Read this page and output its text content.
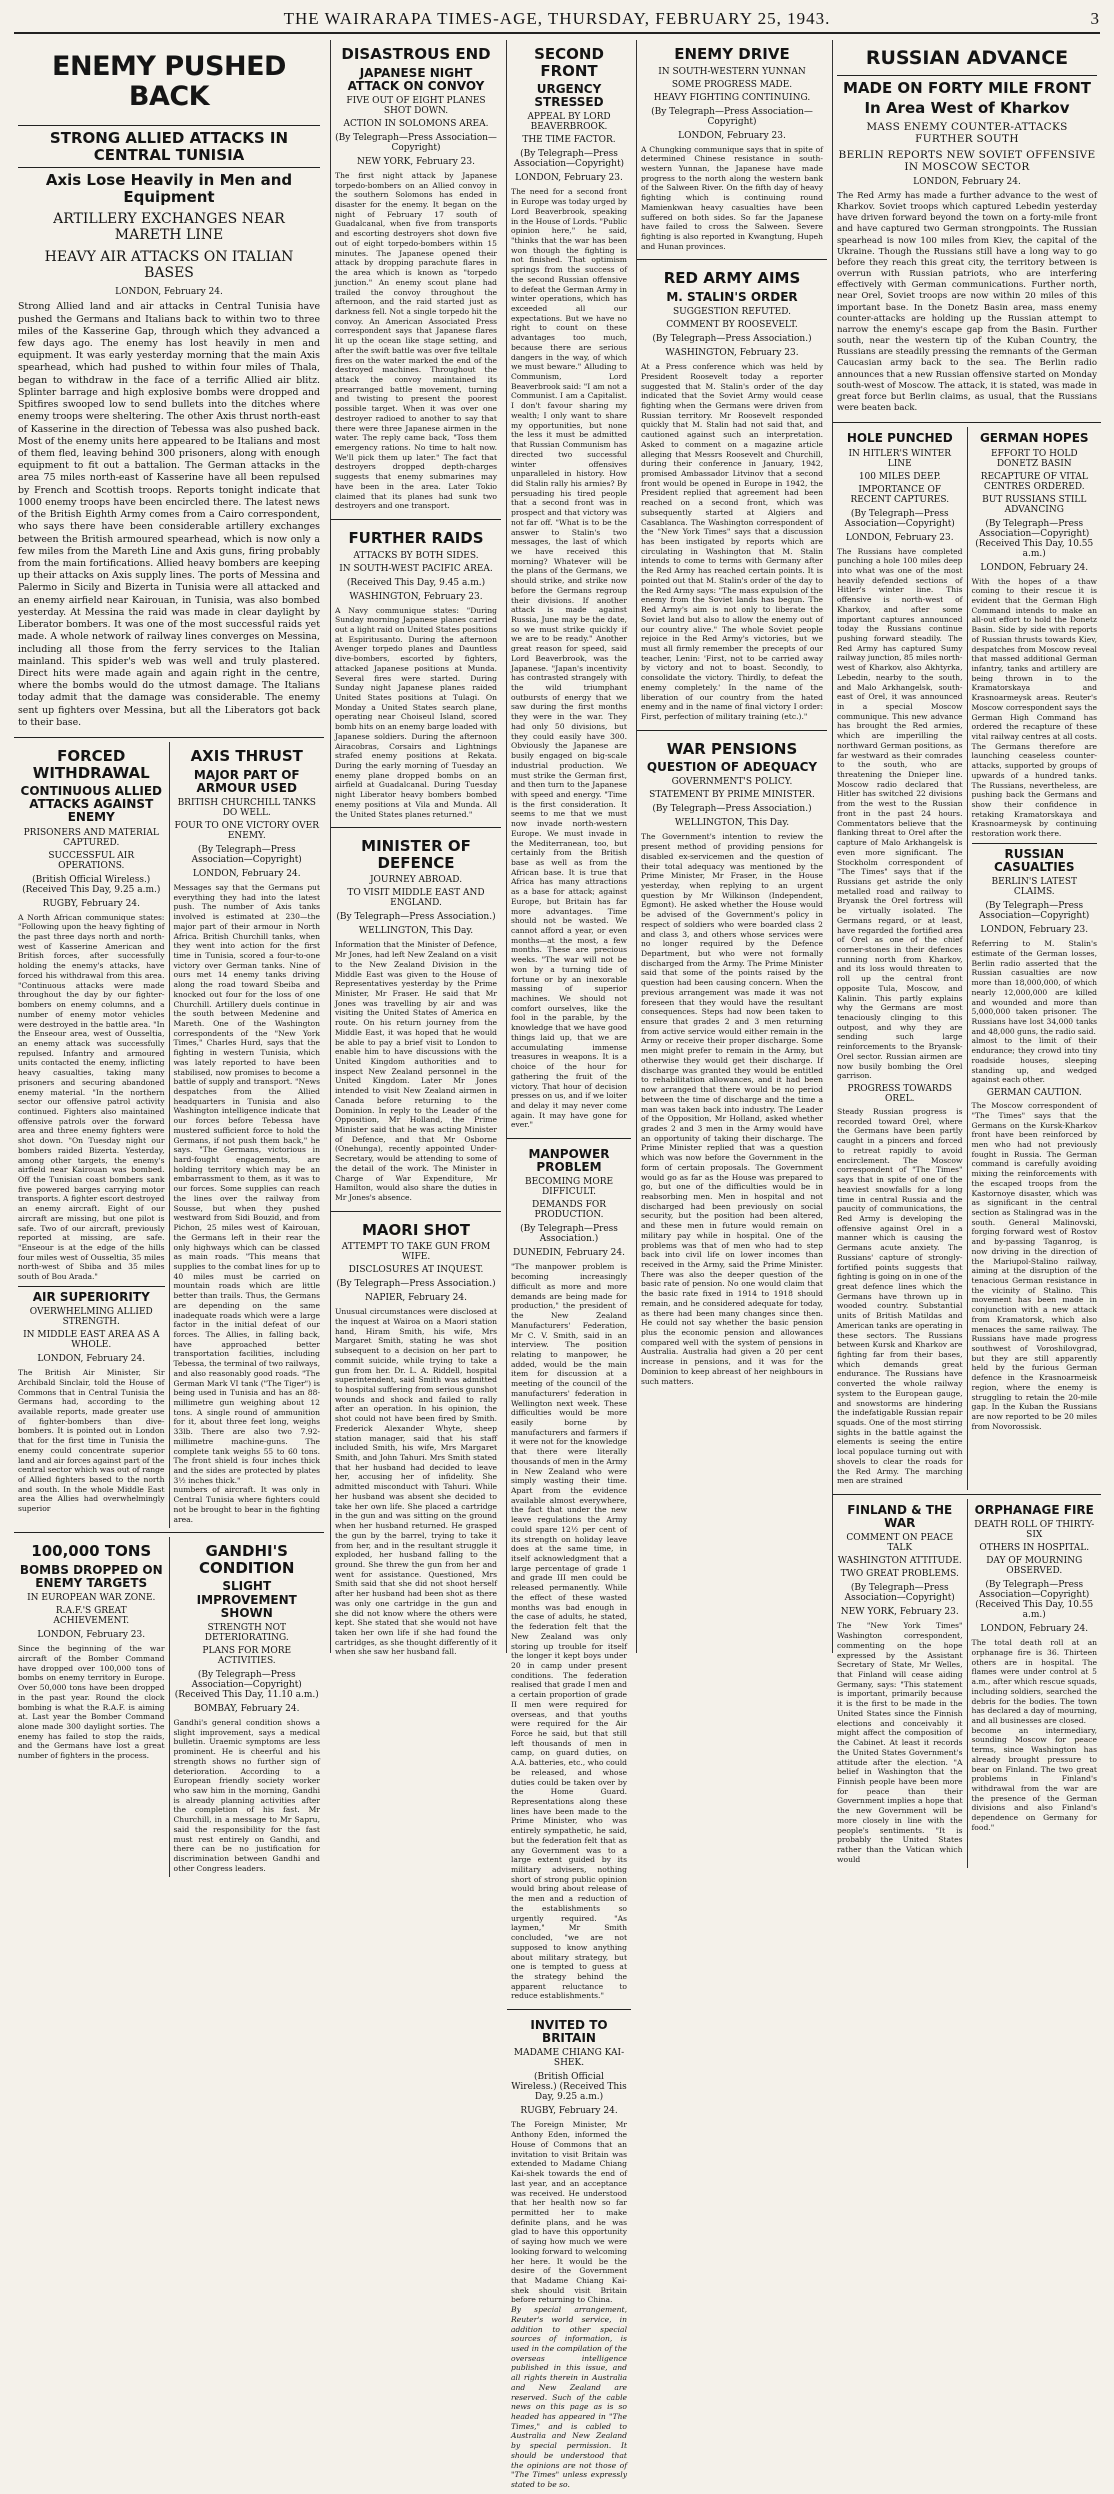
THE WAIRARAPA TIMES-AGE, THURSDAY, FEBRUARY 25, 1943.	3
ENEMY PUSHED BACK
STRONG ALLIED ATTACKS IN CENTRAL TUNISIA
Axis Lose Heavily in Men and Equipment
ARTILLERY EXCHANGES NEAR MARETH LINE
HEAVY AIR ATTACKS ON ITALIAN BASES
LONDON, February 24.

Strong Allied land and air attacks in Central Tunisia have pushed the Germans and Italians back to within two to three miles of the Kasserine Gap, through which they advanced a few days ago. The enemy has lost heavily in men and equipment. It was early yesterday morning that the main Axis spearhead, which had pushed to within four miles of Thala, began to withdraw in the face of a terrific Allied air blitz. Splinter barrage and high explosive bombs were dropped and Spitfires swooped low to send bullets into the ditches where enemy troops were sheltering. The other Axis thrust north-east of Kasserine in the direction of Tebessa was also pushed back. Most of the enemy units here appeared to be Italians and most of them fled, leaving behind 300 prisoners, along with enough equipment to fit out a battalion. The German attacks in the area 75 miles north-east of Kasserine have all been repulsed by French and Scottish troops. Reports tonight indicate that 1000 enemy troops have been encircled there. The latest news of the British Eighth Army comes from a Cairo correspondent, who says there have been considerable artillery exchanges between the British armoured spearhead, which is now only a few miles from the Mareth Line and Axis guns, firing probably from the main fortifications. Allied heavy bombers are keeping up their attacks on Axis supply lines. The ports of Messina and Palermo in Sicily and Bizerta in Tunisia were all attacked and an enemy airfield near Kairouan, in Tunisia, was also bombed yesterday. At Messina the raid was made in clear daylight by Liberator bombers. It was one of the most successful raids yet made. A whole network of railway lines converges on Messina, including all those from the ferry services to the Italian mainland. This spider's web was well and truly plastered. Direct hits were made again and again right in the centre, where the bombs would do the utmost damage. The Italians today admit that the damage was considerable. The enemy sent up fighters over Messina, but all the Liberators got back to their base.

FORCED WITHDRAWAL
CONTINUOUS ALLIED ATTACKS AGAINST ENEMY
PRISONERS AND MATERIAL CAPTURED.
SUCCESSFUL AIR OPERATIONS.
(British Official Wireless.) (Received This Day, 9.25 a.m.)
RUGBY, February 24.

A North African communique states: "Following upon the heavy fighting of the past three days north and north-west of Kasserine American and British forces, after successfully holding the enemy's attacks, have forced his withdrawal from this area. "Continuous attacks were made throughout the day by our fighter-bombers on enemy columns, and a number of enemy motor vehicles were destroyed in the battle area. "In the Enseour area, west of Ousseltia, an enemy attack was successfully repulsed. Infantry and armoured units contacted the enemy, inflicting heavy casualties, taking many prisoners and securing abandoned enemy material. "In the northern sector our offensive patrol activity continued. Fighters also maintained offensive patrols over the forward area and three enemy fighters were shot down. "On Tuesday night our bombers raided Bizerta. Yesterday, among other targets, the enemy's airfield near Kairouan was bombed. Off the Tunisian coast bombers sank five powered barges carrying motor transports. A fighter escort destroyed an enemy aircraft. Eight of our aircraft are missing, but one pilot is safe. Two of our aircraft, previously reported at missing, are safe. "Enseour is at the edge of the hills four miles west of Ousseltia, 35 miles north-west of Sbiba and 35 miles south of Bou Arada."

AIR SUPERIORITY
OVERWHELMING ALLIED STRENGTH.
IN MIDDLE EAST AREA AS A WHOLE.
LONDON, February 24.

The British Air Minister, Sir Archibald Sinclair, told the House of Commons that in Central Tunisia the Germans had, according to the available reports, made greater use of fighter-bombers than dive-bombers. It is pointed out in London that for the first time in Tunisia the enemy could concentrate superior land and air forces against part of the central sector which was out of range of Allied fighters based to the north and south. In the whole Middle East area the Allies had overwhelmingly superior

AXIS THRUST
MAJOR PART OF ARMOUR USED
BRITISH CHURCHILL TANKS DO WELL.
FOUR TO ONE VICTORY OVER ENEMY.
(By Telegraph—Press Association—Copyright)
LONDON, February 24.

Messages say that the Germans put everything they had into the latest push. The number of Axis tanks involved is estimated at 230—the major part of their armour in North Africa. British Churchill tanks, when they went into action for the first time in Tunisia, scored a four-to-one victory over German tanks. Nine of ours met 14 enemy tanks driving along the road toward Sbeiba and knocked out four for the loss of one Churchill. Artillery duels continue in the south between Medenine and Mareth. One of the Washington correspondents of the "New York Times," Charles Hurd, says that the fighting in western Tunisia, which was lately reported to have been stabilised, now promises to become a battle of supply and transport. "News despatches from the Allied headquarters in Tunisia and also Washington intelligence indicate that our forces before Tebessa have mustered sufficient force to hold the Germans, if not push them back," he says. "The Germans, victorious in hard-fought engagements, are holding territory which may be an embarrassment to them, as it was to our forces. Some supplies can reach the lines over the railway from Sousse, but when they pushed westward from Sidi Bouzid, and from Pichon, 25 miles west of Kairouan, the Germans left in their rear the only highways which can be classed as main roads. "This means that supplies to the combat lines for up to 40 miles must be carried on mountain roads which are little better than trails. Thus, the Germans are depending on the same inadequate roads which were a large factor in the initial defeat of our forces. The Allies, in falling back, have approached better transportation facilities, including Tebessa, the terminal of two railways, and also reasonably good roads. "The German Mark VI tank ("The Tiger") is being used in Tunisia and has an 88-millimetre gun weighing about 12 tons. A single round of ammunition for it, about three feet long, weighs 33lb. There are also two 7.92-millimetre machine-guns. The complete tank weighs 55 to 60 tons. The front shield is four inches thick and the sides are protected by plates 3½ inches thick."

numbers of aircraft. It was only in Central Tunisia where fighters could not be brought to bear in the fighting area.

100,000 TONS
BOMBS DROPPED ON ENEMY TARGETS
IN EUROPEAN WAR ZONE.
R.A.F.'S GREAT ACHIEVEMENT.
LONDON, February 23.

Since the beginning of the war aircraft of the Bomber Command have dropped over 100,000 tons of bombs on enemy territory in Europe. Over 50,000 tons have been dropped in the past year. Round the clock bombing is what the R.A.F. is aiming at. Last year the Bomber Command alone made 300 daylight sorties. The enemy has failed to stop the raids, and the Germans have lost a great number of fighters in the process.

GANDHI'S CONDITION
SLIGHT IMPROVEMENT SHOWN
STRENGTH NOT DETERIORATING.
PLANS FOR MORE ACTIVITIES.
(By Telegraph—Press Association—Copyright) (Received This Day, 11.10 a.m.)
BOMBAY, February 24.

Gandhi's general condition shows a slight improvement, says a medical bulletin. Uraemic symptoms are less prominent. He is cheerful and his strength shows no further sign of deterioration. According to a European friendly society worker who saw him in the morning, Gandhi is already planning activities after the completion of his fast. Mr Churchill, in a message to Mr Sapru, said the responsibility for the fast must rest entirely on Gandhi, and there can be no justification for discrimination between Gandhi and other Congress leaders.

DISASTROUS END
JAPANESE NIGHT ATTACK ON CONVOY
FIVE OUT OF EIGHT PLANES SHOT DOWN.
ACTION IN SOLOMONS AREA.
(By Telegraph—Press Association—Copyright)
NEW YORK, February 23.

The first night attack by Japanese torpedo-bombers on an Allied convoy in the southern Solomons has ended in disaster for the enemy. It began on the night of February 17 south of Guadalcanal, when five from transports and escorting destroyers shot down five out of eight torpedo-bombers within 15 minutes. The Japanese opened their attack by dropping parachute flares in the area which is known as "torpedo junction." An enemy scout plane had trailed the convoy throughout the afternoon, and the raid started just as darkness fell. Not a single torpedo hit the convoy. An American Associated Press correspondent says that Japanese flares lit up the ocean like stage setting, and after the swift battle was over five telltale fires on the water marked the end of the destroyed machines. Throughout the attack the convoy maintained its prearranged battle movement, turning and twisting to present the poorest possible target. When it was over one destroyer radioed to another to say that there were three Japanese airmen in the water. The reply came back, "Toss them emergency rations. No time to halt now. We'll pick them up later." The fact that destroyers dropped depth-charges suggests that enemy submarines may have been in the area. Later Tokio claimed that its planes had sunk two destroyers and one transport.

FURTHER RAIDS
ATTACKS BY BOTH SIDES.
IN SOUTH-WEST PACIFIC AREA.
(Received This Day, 9.45 a.m.)
WASHINGTON, February 23.

A Navy communique states: "During Sunday morning Japanese planes carried out a light raid on United States positions at Espiritusanto. During the afternoon Avenger torpedo planes and Dauntless dive-bombers, escorted by fighters, attacked Japanese positions at Munda. Several fires were started. During Sunday night Japanese planes raided United States positions at Tulagi. On Monday a United States search plane, operating near Choiseul Island, scored bomb hits on an enemy barge loaded with Japanese soldiers. During the afternoon Airacobras, Corsairs and Lightnings strafed enemy positions at Rekata. During the early morning of Tuesday an enemy plane dropped bombs on an airfield at Guadalcanal. During Tuesday night Liberator heavy bombers bombed enemy positions at Vila and Munda. All the United States planes returned."

MINISTER OF DEFENCE
JOURNEY ABROAD.
TO VISIT MIDDLE EAST AND ENGLAND.
(By Telegraph—Press Association.)
WELLINGTON, This Day.

Information that the Minister of Defence, Mr Jones, had left New Zealand on a visit to the New Zealand Division in the Middle East was given to the House of Representatives yesterday by the Prime Minister, Mr Fraser. He said that Mr Jones was travelling by air and was visiting the United States of America en route. On his return journey from the Middle East, it was hoped that he would be able to pay a brief visit to London to enable him to have discussions with the United Kingdom authorities and to inspect New Zealand personnel in the United Kingdom. Later Mr Jones intended to visit New Zealand airmen in Canada before returning to the Dominion. In reply to the Leader of the Opposition, Mr Holland, the Prime Minister said that he was acting Minister of Defence, and that Mr Osborne (Onehunga), recently appointed Under-Secretary, would be attending to some of the detail of the work. The Minister in Charge of War Expenditure, Mr Hamilton, would also share the duties in Mr Jones's absence.

MAORI SHOT
ATTEMPT TO TAKE GUN FROM WIFE.
DISCLOSURES AT INQUEST.
(By Telegraph—Press Association.)
NAPIER, February 24.

Unusual circumstances were disclosed at the inquest at Wairoa on a Maori station hand, Hiram Smith, his wife, Mrs Margaret Smith, stating he was shot subsequent to a decision on her part to commit suicide, while trying to take a gun from her. Dr. L. A. Riddell, hospital superintendent, said Smith was admitted to hospital suffering from serious gunshot wounds and shock and failed to rally after an operation. In his opinion, the shot could not have been fired by Smith. Frederick Alexander Whyte, sheep station manager, said that his staff included Smith, his wife, Mrs Margaret Smith, and John Tahuri. Mrs Smith stated that her husband had decided to leave her, accusing her of infidelity. She admitted misconduct with Tahuri. While her husband was absent she decided to take her own life. She placed a cartridge in the gun and was sitting on the ground when her husband returned. He grasped the gun by the barrel, trying to take it from her, and in the resultant struggle it exploded, her husband falling to the ground. She threw the gun from her and went for assistance. Questioned, Mrs Smith said that she did not shoot herself after her husband had been shot as there was only one cartridge in the gun and she did not know where the others were kept. She stated that she would not have taken her own life if she had found the cartridges, as she thought differently of it when she saw her husband fall.

SECOND FRONT
URGENCY STRESSED
APPEAL BY LORD BEAVERBROOK.
THE TIME FACTOR.
(By Telegraph—Press Association—Copyright)
LONDON, February 23.

The need for a second front in Europe was today urged by Lord Beaverbrook, speaking in the House of Lords. "Public opinion here," he said, "thinks that the war has been won though the fighting is not finished. That optimism springs from the success of the second Russian offensive to defeat the German Army in winter operations, which has exceeded all our expectations. But we have no right to count on these advantages too much, because there are serious dangers in the way, of which we must beware." Alluding to Communism, Lord Beaverbrook said: "I am not a Communist. I am a Capitalist. I don't favour sharing my wealth; I only want to share my opportunities, but none the less it must be admitted that Russian Communism has directed two successful winter offensives unparalleled in history. How did Stalin rally his armies? By persuading his tired people that a second front was in prospect and that victory was not far off. "What is to be the answer to Stalin's two messages, the last of which we have received this morning? Whatever will be the plans of the Germans, we should strike, and strike now before the Germans regroup their divisions. If another attack is made against Russia, June may be the date, so we must strike quickly if we are to be ready." Another great reason for speed, said Lord Beaverbrook, was the Japanese. "Japan's incentivity has contrasted strangely with the wild triumphant outbursts of energy that we saw during the first months they were in the war. They had only 50 divisions, but they could easily have 300. Obviously the Japanese are busily engaged on big-scale industrial production. We must strike the German first, and then turn to the Japanese with speed and energy. "Time is the first consideration. It seems to me that we must now invade north-western Europe. We must invade in the Mediterranean, too, but certainly from the British base as well as from the African base. It is true that Africa has many attractions as a base for attack; against Europe, but Britain has far more advantages. Time should not be wasted. We cannot afford a year, or even months—at the most, a few months. These are precious weeks. "The war will not be won by a turning tide of fortune or by an inexorable massing of superior machines. We should not comfort ourselves, like the fool in the parable, by the knowledge that we have good things laid up, that we are accumulating immense treasures in weapons. It is a choice of the hour for gathering the fruit of the victory. That hour of decision presses on us, and if we loiter and delay it may never come again. It may have gone for ever."

MANPOWER PROBLEM
BECOMING MORE DIFFICULT.
DEMANDS FOR PRODUCTION.
(By Telegraph—Press Association.)
DUNEDIN, February 24.

"The manpower problem is becoming increasingly difficult as more and more demands are being made for production," the president of the New Zealand Manufacturers' Federation, Mr C. V. Smith, said in an interview. The position relating to manpower, he added, would be the main item for discussion at a meeting of the council of the manufacturers' federation in Wellington next week. These difficulties would be more easily borne by manufacturers and farmers if it were not for the knowledge that there were literally thousands of men in the Army in New Zealand who were simply wasting their time. Apart from the evidence available almost everywhere, the fact that under the new leave regulations the Army could spare 12½ per cent of its strength on holiday leave does at the same time, in itself acknowledgment that a large percentage of grade 1 and grade III men could be released permanently. While the effect of these wasted months was bad enough in the case of adults, he stated, the federation felt that the New Zealand was only storing up trouble for itself the longer it kept boys under 20 in camp under present conditions. The federation realised that grade I men and a certain proportion of grade II men were required for overseas, and that youths were required for the Air Force he said, but that still left thousands of men in camp, on guard duties, on A.A. batteries, etc., who could be released, and whose duties could be taken over by the Home Guard. Representations along these lines have been made to the Prime Minister, who was entirely sympathetic, he said, but the federation felt that as any Government was to a large extent guided by its military advisers, nothing short of strong public opinion would bring about release of the men and a reduction of the establishments so urgently required. "As laymen," Mr Smith concluded, "we are not supposed to know anything about military strategy, but one is tempted to guess at the strategy behind the apparent reluctance to reduce establishments."

INVITED TO BRITAIN
MADAME CHIANG KAI-SHEK.
(British Official Wireless.) (Received This Day, 9.25 a.m.)
RUGBY, February 24.

The Foreign Minister, Mr Anthony Eden, informed the House of Commons that an invitation to visit Britain was extended to Madame Chiang Kai-shek towards the end of last year, and an acceptance was received. He understood that her health now so far permitted her to make definite plans, and he was glad to have this opportunity of saying how much we were looking forward to welcoming her here. It would be the desire of the Government that Madame Chiang Kai-shek should visit Britain before returning to China.

By special arrangement, Reuter's world service, in addition to other special sources of information, is used in the compilation of the overseas intelligence published in this issue, and all rights therein in Australia and New Zealand are reserved. Such of the cable news on this page as is so headed has appeared in "The Times," and is cabled to Australia and New Zealand by special permission. It should be understood that the opinions are not those of "The Times" unless expressly stated to be so.

ENEMY DRIVE
IN SOUTH-WESTERN YUNNAN
SOME PROGRESS MADE.
HEAVY FIGHTING CONTINUING.
(By Telegraph—Press Association—Copyright)
LONDON, February 23.

A Chungking communique says that in spite of determined Chinese resistance in south-western Yunnan, the Japanese have made progress to the north along the western bank of the Salween River. On the fifth day of heavy fighting which is continuing round Mamienkwan heavy casualties have been suffered on both sides. So far the Japanese have failed to cross the Salween. Severe fighting is also reported in Kwangtung, Hupeh and Hunan provinces.

RED ARMY AIMS
M. STALIN'S ORDER
SUGGESTION REFUTED.
COMMENT BY ROOSEVELT.
(By Telegraph—Press Association.)
WASHINGTON, February 23.

At a Press conference which was held by President Roosevelt today a reporter suggested that M. Stalin's order of the day indicated that the Soviet Army would cease fighting when the Germans were driven from Russian territory. Mr Roosevelt responded quickly that M. Stalin had not said that, and cautioned against such an interpretation. Asked to comment on a magazine article alleging that Messrs Roosevelt and Churchill, during their conference in January, 1942, promised Ambassador Litvinov that a second front would be opened in Europe in 1942, the President replied that agreement had been reached on a second front, which was subsequently started at Algiers and Casablanca. The Washington correspondent of the "New York Times" says that a discussion has been instigated by reports which are circulating in Washington that M. Stalin intends to come to terms with Germany after the Red Army has reached certain points. It is pointed out that M. Stalin's order of the day to the Red Army says: "The mass expulsion of the enemy from the Soviet lands has begun. The Red Army's aim is not only to liberate the Soviet land but also to allow the enemy out of our country alive." The whole Soviet people rejoice in the Red Army's victories, but we must all firmly remember the precepts of our teacher, Lenin: 'First, not to be carried away by victory and not to boast. Secondly, to consolidate the victory. Thirdly, to defeat the enemy completely.' In the name of the liberation of our country from the hated enemy and in the name of final victory I order: First, perfection of military training (etc.)."

WAR PENSIONS
QUESTION OF ADEQUACY
GOVERNMENT'S POLICY.
STATEMENT BY PRIME MINISTER.
(By Telegraph—Press Association.)
WELLINGTON, This Day.

The Government's intention to review the present method of providing pensions for disabled ex-servicemen and the question of their total adequacy was mentioned by the Prime Minister, Mr Fraser, in the House yesterday, when replying to an urgent question by Mr Wilkinson (Independent, Egmont). He asked whether the House would be advised of the Government's policy in respect of soldiers who were boarded class 2 and class 3, and others whose services were no longer required by the Defence Department, but who were not formally discharged from the Army. The Prime Minister said that some of the points raised by the question had been causing concern. When the previous arrangement was made it was not foreseen that they would have the resultant consequences. Steps had now been taken to ensure that grades 2 and 3 men returning from active service would either remain in the Army or receive their proper discharge. Some men might prefer to remain in the Army, but otherwise they would get their discharge. If discharge was granted they would be entitled to rehabilitation allowances, and it had been now arranged that there would be no period between the time of discharge and the time a man was taken back into industry. The Leader of the Opposition, Mr Holland, asked whether grades 2 and 3 men in the Army would have an opportunity of taking their discharge. The Prime Minister replied that was a question which was now before the Government in the form of certain proposals. The Government would go as far as the House was prepared to go, but one of the difficulties would be in reabsorbing men. Men in hospital and not discharged had been previously on social security, but the position had been altered, and these men in future would remain on military pay while in hospital. One of the problems was that of men who had to step back into civil life on lower incomes than received in the Army, said the Prime Minister. There was also the deeper question of the basic rate of pension. No one would claim that the basic rate fixed in 1914 to 1918 should remain, and he considered adequate for today, as there had been many changes since then. He could not say whether the basic pension plus the economic pension and allowances compared well with the system of pensions in Australia. Australia had given a 20 per cent increase in pensions, and it was for the Dominion to keep abreast of her neighbours in such matters.

RUSSIAN ADVANCE
MADE ON FORTY MILE FRONT
In Area West of Kharkov
MASS ENEMY COUNTER-ATTACKS FURTHER SOUTH
BERLIN REPORTS NEW SOVIET OFFENSIVE IN MOSCOW SECTOR
LONDON, February 24.

The Red Army has made a further advance to the west of Kharkov. Soviet troops which captured Lebedin yesterday have driven forward beyond the town on a forty-mile front and have captured two German strongpoints. The Russian spearhead is now 100 miles from Kiev, the capital of the Ukraine. Though the Russians still have a long way to go before they reach this great city, the territory between is overrun with Russian patriots, who are interfering effectively with German communications. Further north, near Orel, Soviet troops are now within 20 miles of this important base. In the Donetz Basin area, mass enemy counter-attacks are holding up the Russian attempt to narrow the enemy's escape gap from the Basin. Further south, near the western tip of the Kuban Country, the Russians are steadily pressing the remnants of the German Caucasian army back to the sea. The Berlin radio announces that a new Russian offensive started on Monday south-west of Moscow. The attack, it is stated, was made in great force but Berlin claims, as usual, that the Russians were beaten back.

HOLE PUNCHED
IN HITLER'S WINTER LINE
100 MILES DEEP.
IMPORTANCE OF RECENT CAPTURES.
(By Telegraph—Press Association—Copyright)
LONDON, February 23.

The Russians have completed punching a hole 100 miles deep into what was one of the most heavily defended sections of Hitler's winter line. This offensive is north-west of Kharkov, and after some important captures announced today the Russians continue pushing forward steadily. The Red Army has captured Sumy railway junction, 85 miles north-west of Kharkov, also Akhtyrka, Lebedin, nearby to the south, and Malo Arkhangelsk, south-east of Orel, it was announced in a special Moscow communique. This new advance has brought the Red armies, which are imperilling the northward German positions, as far westward as their comrades to the south, who are threatening the Dnieper line. Moscow radio declared that Hitler has switched 22 divisions from the west to the Russian front in the past 24 hours. Commentators believe that the flanking threat to Orel after the capture of Malo Arkhangelsk is even more significant. The Stockholm correspondent of "The Times" says that if the Russians get astride the only metalled road and railway to Bryansk the Orel fortress will be virtually isolated. The Germans regard, or at least, have regarded the fortified area of Orel as one of the chief corner-stones in their defences running north from Kharkov, and its loss would threaten to roll up the central front opposite Tula, Moscow, and Kalinin. This partly explains why the Germans are most tenaciously clinging to this outpost, and why they are sending such large reinforcements to the Bryansk-Orel sector. Russian airmen are now busily bombing the Orel garrison.

PROGRESS TOWARDS OREL.

Steady Russian progress is recorded toward Orel, where the Germans have been partly caught in a pincers and forced to retreat rapidly to avoid encirclement. The Moscow correspondent of "The Times" says that in spite of one of the heaviest snowfalls for a long time in central Russia and the paucity of communications, the Red Army is developing the offensive against Orel in a manner which is causing the Germans acute anxiety. The Russians' capture of strongly-fortified points suggests that fighting is going on in one of the great defence lines which the Germans have thrown up in wooded country. Substantial units of British Matildas and American tanks are operating in these sectors. The Russians between Kursk and Kharkov are fighting far from their bases, which demands great endurance. The Russians have converted the whole railway system to the European gauge, and snowstorms are hindering the indefatigable Russian repair squads. One of the most stirring sights in the battle against the elements is seeing the entire local populace turning out with shovels to clear the roads for the Red Army. The marching men are strained

GERMAN HOPES
EFFORT TO HOLD DONETZ BASIN
RECAPTURE OF VITAL CENTRES ORDERED.
BUT RUSSIANS STILL ADVANCING
(By Telegraph—Press Association—Copyright) (Received This Day, 10.55 a.m.)
LONDON, February 24.

With the hopes of a thaw coming to their rescue it is evident that the German High Command intends to make an all-out effort to hold the Donetz Basin. Side by side with reports of Russian thrusts towards Kiev, despatches from Moscow reveal that massed additional German infantry, tanks and artillery are being thrown in to the Kramatorskaya and Krasnoarmeysk areas. Reuter's Moscow correspondent says the German High Command has ordered the recapture of these vital railway centres at all costs. The Germans therefore are launching ceaseless counter-attacks, supported by groups of upwards of a hundred tanks. The Russians, nevertheless, are pushing back the Germans and show their confidence in retaking Kramatorskaya and Krasnoarmeysk by continuing restoration work there.

RUSSIAN CASUALTIES
BERLIN'S LATEST CLAIMS.
(By Telegraph—Press Association—Copyright)
LONDON, February 23.

Referring to M. Stalin's estimate of the German losses, Berlin radio asserted that the Russian casualties are now more than 18,000,000, of which nearly 12,000,000 are killed and wounded and more than 5,000,000 taken prisoner. The Russians have lost 34,000 tanks and 48,000 guns, the radio said.

almost to the limit of their endurance; they crowd into tiny roadside houses, sleeping standing up, and wedged against each other.

GERMAN CAUTION.

The Moscow correspondent of "The Times" says that the Germans on the Kursk-Kharkov front have been reinforced by men who had not previously fought in Russia. The German command is carefully avoiding mixing the reinforcements with the escaped troops from the Kastornoye disaster, which was as significant in the central section as Stalingrad was in the south. General Malinovski, forging forward west of Rostov and by-passing Taganrog, is now driving in the direction of the Mariupol-Stalino railway, aiming at the disruption of the tenacious German resistance in the vicinity of Stalino. This movement has been made in conjunction with a new attack from Kramatorsk, which also menaces the same railway. The Russians have made progress southwest of Voroshilovgrad, but they are still apparently held by the furious German defence in the Krasnoarmeisk region, where the enemy is struggling to retain the 20-mile gap. In the Kuban the Russians are now reported to be 20 miles from Novorossisk.

FINLAND & THE WAR
COMMENT ON PEACE TALK
WASHINGTON ATTITUDE.
TWO GREAT PROBLEMS.
(By Telegraph—Press Association—Copyright)
NEW YORK, February 23.

The "New York Times" Washington correspondent, commenting on the hope expressed by the Assistant Secretary of State, Mr Welles, that Finland will cease aiding Germany, says: "This statement is important, primarily because it is the first to be made in the United States since the Finnish elections and conceivably it might affect the composition of the Cabinet. At least it records the United States Government's attitude after the election. "A belief in Washington that the Finnish people have been more for peace than their Government implies a hope that the new Government will be more closely in line with the people's sentiments. "It is probably the United States rather than the Vatican which would

ORPHANAGE FIRE
DEATH ROLL OF THIRTY-SIX
OTHERS IN HOSPITAL.
DAY OF MOURNING OBSERVED.
(By Telegraph—Press Association—Copyright) (Received This Day, 10.55 a.m.)
LONDON, February 24.

The total death roll at an orphanage fire is 36. Thirteen others are in hospital. The flames were under control at 5 a.m., after which rescue squads, including soldiers, searched the debris for the bodies. The town has declared a day of mourning, and all businesses are closed.

become an intermediary, sounding Moscow for peace terms, since Washington has already brought pressure to bear on Finland. The two great problems in Finland's withdrawal from the war are the presence of the German divisions and also Finland's dependence on Germany for food."
